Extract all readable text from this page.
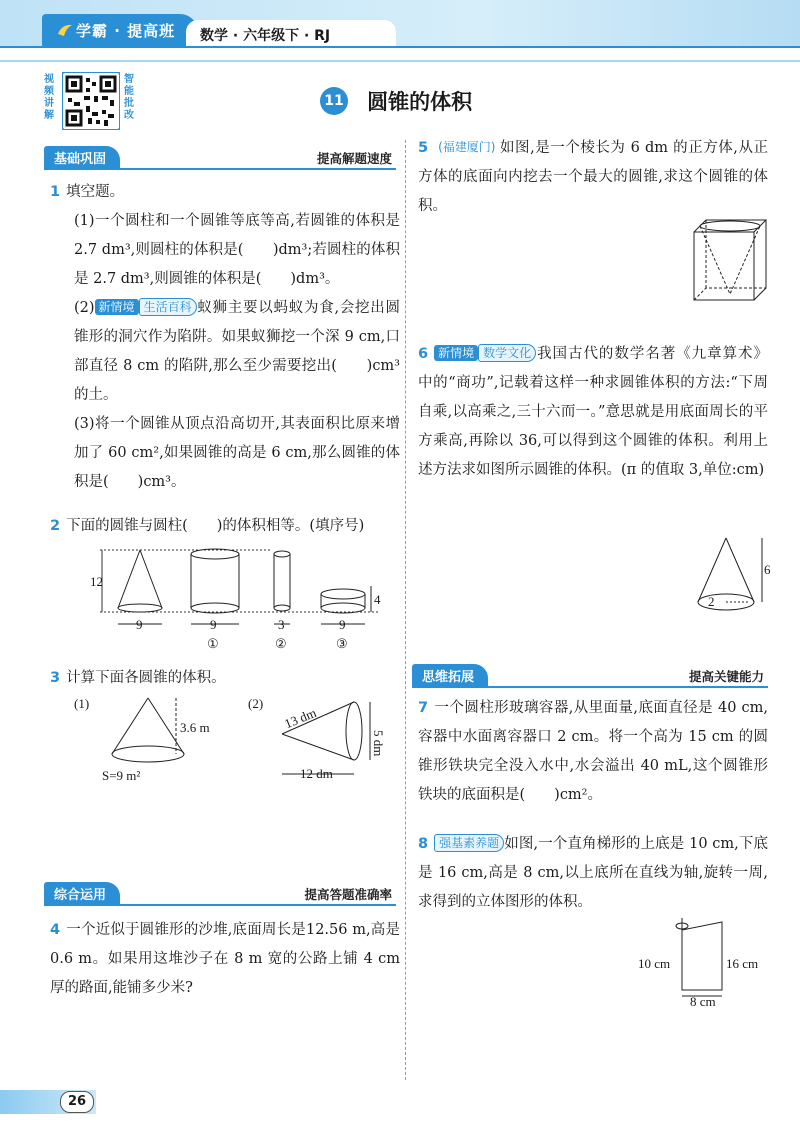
学霸 · 提高班	数学 · 六年级下 · RJ
视频讲解
智能批改
11 圆锥的体积
基础巩固	提高解题速度
1 填空题。
(1)一个圆柱和一个圆锥等底等高,若圆锥的体积是 2.7 dm³,则圆柱的体积是(　　)dm³;若圆柱的体积是 2.7 dm³,则圆锥的体积是(　　)dm³。
(2) 新情境 生活百科 蚁狮主要以蚂蚁为食,会挖出圆锥形的洞穴作为陷阱。如果蚁狮挖一个深 9 cm,口部直径 8 cm 的陷阱,那么至少需要挖出(　　)cm³的土。
(3)将一个圆锥从顶点沿高切开,其表面积比原来增加了 60 cm²,如果圆锥的高是 6 cm,那么圆锥的体积是(　　)cm³。
2 下面的圆锥与圆柱(　　)的体积相等。(填序号)
12
9	9
①
3
②
4
9
③
3 计算下面各圆锥的体积。
(1)
3.6 m
S=9 m²
(2)
13 dm
5 dm
12 dm
综合运用	提高答题准确率
4 一个近似于圆锥形的沙堆,底面周长是12.56 m,高是 0.6 m。如果用这堆沙子在 8 m 宽的公路上铺 4 cm 厚的路面,能铺多少米?
5 (福建厦门) 如图,是一个棱长为 6 dm 的正方体,从正方体的底面向内挖去一个最大的圆锥,求这个圆锥的体积。
6 新情境 数学文化 我国古代的数学名著《九章算术》中的“商功”,记载着这样一种求圆锥体积的方法:“下周自乘,以高乘之,三十六而一。”意思就是用底面周长的平方乘高,再除以 36,可以得到这个圆锥的体积。利用上述方法求如图所示圆锥的体积。(π 的值取 3,单位:cm)
6
2
思维拓展	提高关键能力
7 一个圆柱形玻璃容器,从里面量,底面直径是 40 cm,容器中水面离容器口 2 cm。将一个高为 15 cm 的圆锥形铁块完全没入水中,水会溢出 40 mL,这个圆锥形铁块的底面积是(　　)cm²。
8 强基素养题 如图,一个直角梯形的上底是 10 cm,下底是 16 cm,高是 8 cm,以上底所在直线为轴,旋转一周,求得到的立体图形的体积。
10 cm	16 cm
8 cm
26
